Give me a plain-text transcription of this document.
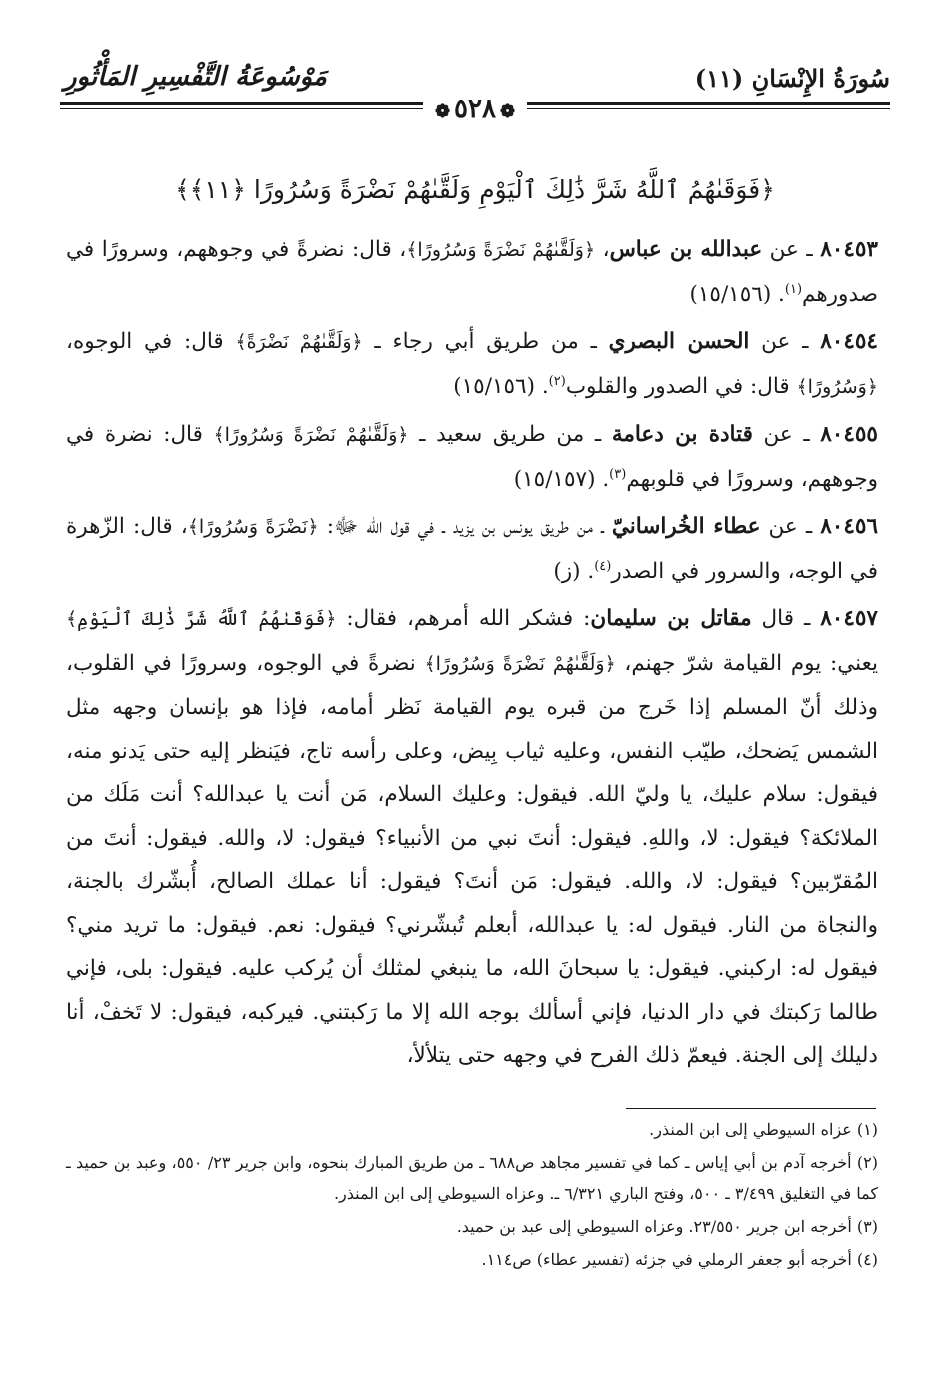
سُورَةُ الإِنْسَانِ (١١)
مَوْسُوعَةُ التَّفْسِيرِ المَأْثُورِ
❁٥٢٨❁
﴿فَوَقَىٰهُمُ ٱللَّهُ شَرَّ ذَٰلِكَ ٱلْيَوْمِ وَلَقَّىٰهُمْ نَضْرَةً وَسُرُورًا ﴿١١﴾﴾

٨٠٤٥٣ ـ عن عبدالله بن عباس، ﴿وَلَقَّىٰهُمْ نَضْرَةً وَسُرُورًا﴾، قال: نضرةً في وجوههم، وسرورًا في صدورهم$^{(١)}$. (١٥/١٥٦)

٨٠٤٥٤ ـ عن الحسن البصري ـ من طريق أبي رجاء ـ ﴿وَلَقَّىٰهُمْ نَضْرَةً﴾ قال: في الوجوه، ﴿وَسُرُورًا﴾ قال: في الصدور والقلوب$^{(٢)}$. (١٥/١٥٦)

٨٠٤٥٥ ـ عن قتادة بن دعامة ـ من طريق سعيد ـ ﴿وَلَقَّىٰهُمْ نَضْرَةً وَسُرُورًا﴾ قال: نضرة في وجوههم، وسرورًا في قلوبهم$^{(٣)}$. (١٥/١٥٧)

٨٠٤٥٦ ـ عن عطاء الخُراسانيّ ـ من طريق يونس بن يزيد ـ في قول الله ﷻ: ﴿نَضْرَةً وَسُرُورًا﴾، قال: الزّهرة في الوجه، والسرور في الصدر$^{(٤)}$. (ز)

٨٠٤٥٧ ـ قال مقاتل بن سليمان: فشكر الله أمرهم، فقال: ﴿فَوَقَىٰهُمُ ٱللَّهُ شَرَّ ذَٰلِكَ ٱلْيَوْمِ﴾ يعني: يوم القيامة شرّ جهنم، ﴿وَلَقَّىٰهُمْ نَضْرَةً وَسُرُورًا﴾ نضرةً في الوجوه، وسرورًا في القلوب، وذلك أنّ المسلم إذا خَرج من قبره يوم القيامة نَظر أمامه، فإذا هو بإنسان وجهه مثل الشمس يَضحك، طيّب النفس، وعليه ثياب بِيض، وعلى رأسه تاج، فيَنظر إليه حتى يَدنو منه، فيقول: سلام عليك، يا وليّ الله. فيقول: وعليك السلام، مَن أنت يا عبدالله؟ أنت مَلَك من الملائكة؟ فيقول: لا، واللهِ. فيقول: أنتَ نبي من الأنبياء؟ فيقول: لا، والله. فيقول: أنتَ من المُقرّبين؟ فيقول: لا، والله. فيقول: مَن أنتَ؟ فيقول: أنا عملك الصالح، أُبشّرك بالجنة، والنجاة من النار. فيقول له: يا عبدالله، أبعلم تُبشّرني؟ فيقول: نعم. فيقول: ما تريد مني؟ فيقول له: اركبني. فيقول: يا سبحانَ الله، ما ينبغي لمثلك أن يُركب عليه. فيقول: بلى، فإني طالما رَكبتك في دار الدنيا، فإني أسألك بوجه الله إلا ما رَكبتني. فيركبه، فيقول: لا تَخفْ، أنا دليلك إلى الجنة. فيعمّ ذلك الفرح في وجهه حتى يتلألأ،

(١) عزاه السيوطي إلى ابن المنذر.

(٢) أخرجه آدم بن أبي إياس ـ كما في تفسير مجاهد ص٦٨٨ ـ من طريق المبارك بنحوه، وابن جرير ٢٣/ ٥٥٠، وعبد بن حميد ـ كما في التغليق ٣/٤٩٩ ـ ٥٠٠، وفتح الباري ٦/٣٢١ ـ. وعزاه السيوطي إلى ابن المنذر.

(٣) أخرجه ابن جرير ٢٣/٥٥٠. وعزاه السيوطي إلى عبد بن حميد.

(٤) أخرجه أبو جعفر الرملي في جزئه (تفسير عطاء) ص١١٤.
